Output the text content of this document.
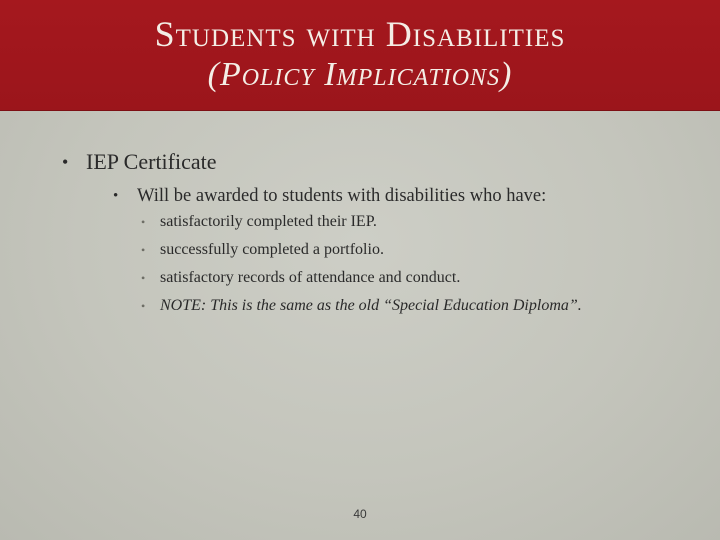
Students with Disabilities
(Policy Implications)
• IEP Certificate
• Will be awarded to students with disabilities who have:
• satisfactorily completed their IEP.
• successfully completed a portfolio.
• satisfactory records of attendance and conduct.
• NOTE: This is the same as the old “Special Education Diploma”.
40
